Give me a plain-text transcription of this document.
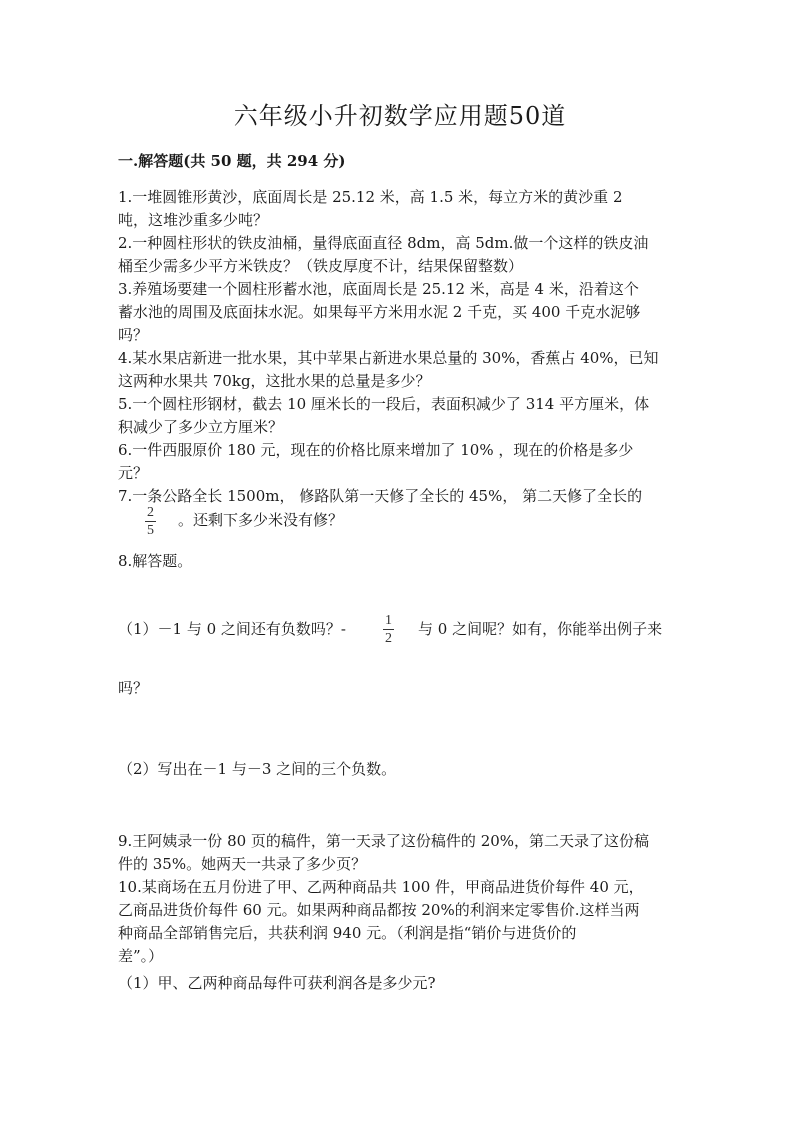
六年级小升初数学应用题50道
一.解答题(共 50 题，共 294 分)
1.一堆圆锥形黄沙，底面周长是 25.12 米，高 1.5 米，每立方米的黄沙重 2
吨，这堆沙重多少吨？
2.一种圆柱形状的铁皮油桶，量得底面直径 8dm，高 5dm.做一个这样的铁皮油
桶至少需多少平方米铁皮？（铁皮厚度不计，结果保留整数）
3.养殖场要建一个圆柱形蓄水池，底面周长是 25.12 米，高是 4 米，沿着这个
蓄水池的周围及底面抹水泥。如果每平方米用水泥 2 千克，买 400 千克水泥够
吗？
4.某水果店新进一批水果，其中苹果占新进水果总量的 30%，香蕉占 40%，已知
这两种水果共 70kg，这批水果的总量是多少？
5.一个圆柱形钢材，截去 10 厘米长的一段后，表面积减少了 314 平方厘米，体
积减少了多少立方厘米？
6.一件西服原价 180 元，现在的价格比原来增加了 10% ，现在的价格是多少
元？
7.一条公路全长 1500m， 修路队第一天修了全长的 45%， 第二天修了全长的
2
5
。还剩下多少米没有修？
8.解答题。
（1）－1 与 0 之间还有负数吗？-	1
2
与 0 之间呢？如有，你能举出例子来
吗？
（2）写出在－1 与－3 之间的三个负数。
9.王阿姨录一份 80 页的稿件，第一天录了这份稿件的 20%，第二天录了这份稿
件的 35%。她两天一共录了多少页？
10.某商场在五月份进了甲、乙两种商品共 100 件，甲商品进货价每件 40 元，
乙商品进货价每件 60 元。如果两种商品都按 20%的利润来定零售价.这样当两
种商品全部销售完后，共获利润 940 元。（利润是指“销价与进货价的
差”。）
（1）甲、乙两种商品每件可获利润各是多少元?
